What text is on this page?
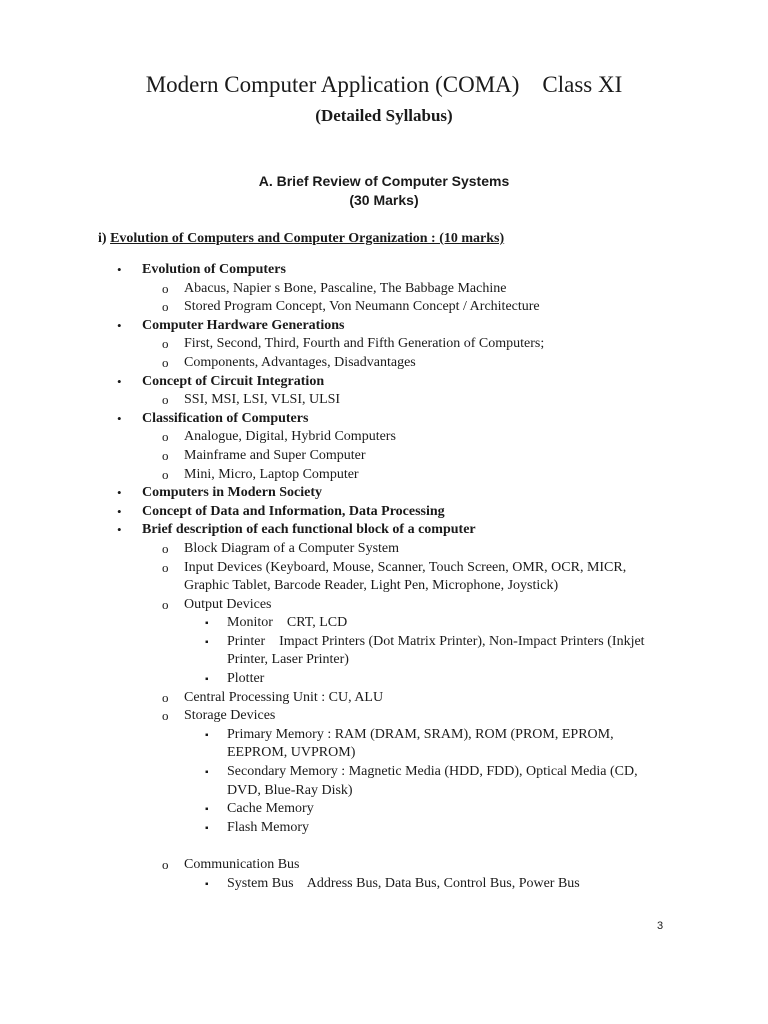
Modern Computer Application (COMA)    Class XI
(Detailed Syllabus)
A. Brief Review of Computer Systems
(30 Marks)
i) Evolution of Computers and Computer Organization : (10 marks)
• Evolution of Computers
o Abacus, Napier s Bone, Pascaline, The Babbage Machine
o Stored Program Concept, Von Neumann Concept / Architecture
• Computer Hardware Generations
o First, Second, Third, Fourth and Fifth Generation of Computers;
o Components, Advantages, Disadvantages
• Concept of Circuit Integration
o SSI, MSI, LSI, VLSI, ULSI
• Classification of Computers
o Analogue, Digital, Hybrid Computers
o Mainframe and Super Computer
o Mini, Micro, Laptop Computer
• Computers in Modern Society
• Concept of Data and Information, Data Processing
• Brief description of each functional block of a computer
o Block Diagram of a Computer System
o Input Devices (Keyboard, Mouse, Scanner, Touch Screen, OMR, OCR, MICR,
Graphic Tablet, Barcode Reader, Light Pen, Microphone, Joystick)
o Output Devices
▪ Monitor    CRT, LCD
▪ Printer    Impact Printers (Dot Matrix Printer), Non-Impact Printers (Inkjet
Printer, Laser Printer)
▪ Plotter
o Central Processing Unit : CU, ALU
o Storage Devices
▪ Primary Memory : RAM (DRAM, SRAM), ROM (PROM, EPROM,
EEPROM, UVPROM)
▪ Secondary Memory : Magnetic Media (HDD, FDD), Optical Media (CD,
DVD, Blue-Ray Disk)
▪ Cache Memory
▪ Flash Memory
o Communication Bus
▪ System Bus    Address Bus, Data Bus, Control Bus, Power Bus
3
